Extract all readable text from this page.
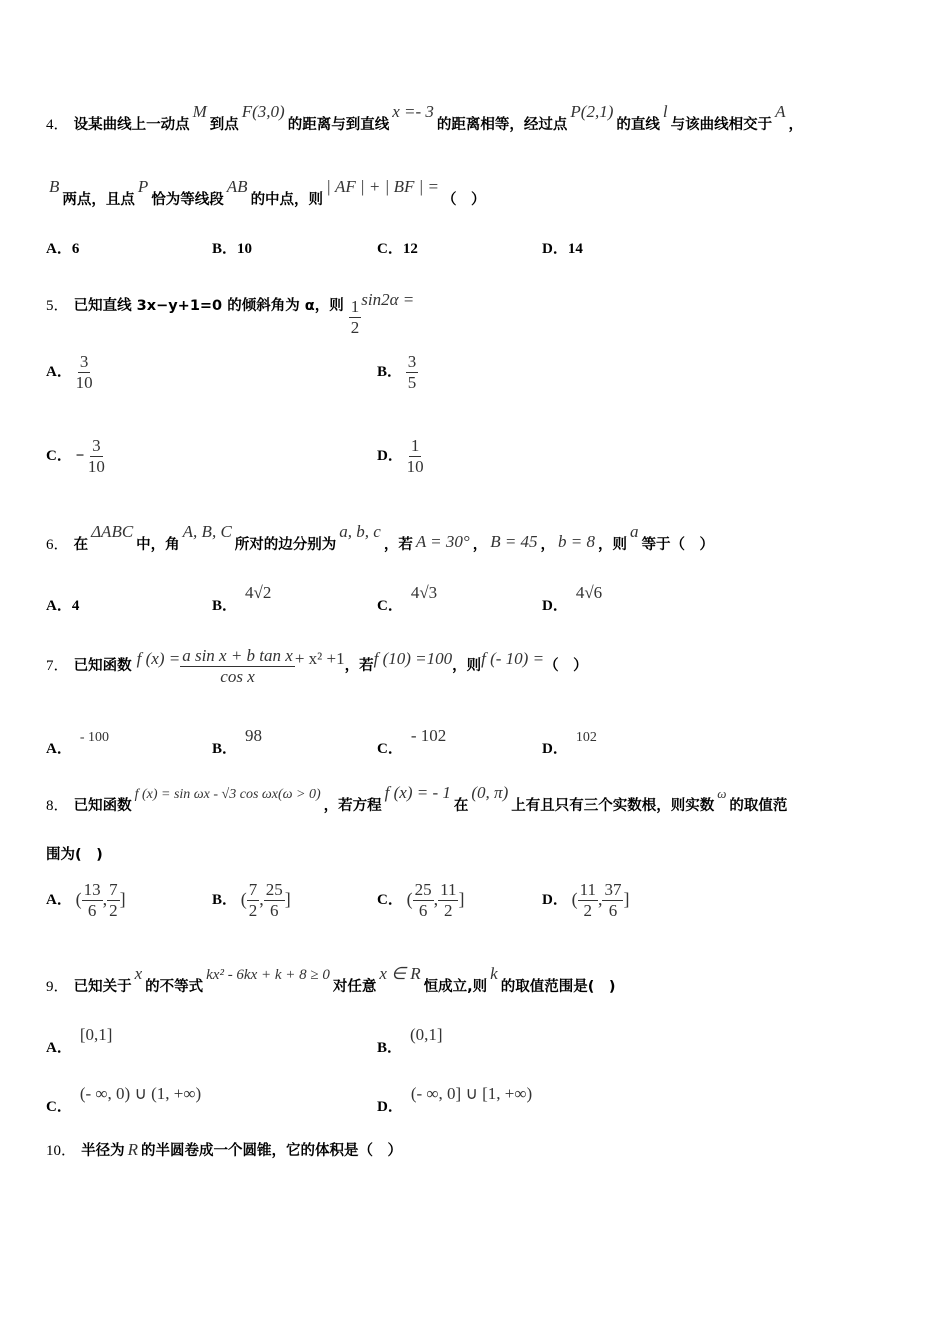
4． 设某曲线上一动点M到点F(3,0)的距离与到直线x =- 3的距离相等，经过点P(2,1)的直线l与该曲线相交于A，
B两点，且点P恰为等线段AB的中点，则| AF | + | BF | =（　）
A．6	B．10	C．12	D．14
5． 已知直线 3x−y+1=0 的倾斜角为 α，则 $\frac{1}{2} \sin 2\alpha$ =
A． $\frac{3}{10}$	B． $\frac{3}{5}$
C． − $\frac{3}{10}$	D． $\frac{1}{10}$
6． 在ΔABC中，角A, B, C所对的边分别为a, b, c，若 A = 30° ， B = 45 ， b = 8 ，则a等于（　）
A．4	B．4√2
C．4√3
D．4√6
7． 已知函数 f $(x) = \frac{\text{a sin x + b tan x}}{\text{cos x}} + x^2 +1$，若f (10) =100，则f (- 10) =（　）
A．- 100
B．98
C．- 102
D．102
8． 已知函数f (x) = sin ωx - √3 cos ωx(ω > 0)，若方程f (x) = - 1在(0, π)上有且只有三个实数根，则实数ω的取值范
围为(　)
A． ( $\frac{13}{6}$ , $\frac{7}{2}$ ]	B． ( $\frac{7}{2}$ , $\frac{25}{6}$ ]	C． ( $\frac{25}{6}$ , $\frac{11}{2}$ ]	D． ( $\frac{11}{2}$ , $\frac{37}{6}$ ]
9． 已知关于x的不等式kx² - 6kx + k + 8 ≥ 0对任意x ∈ R恒成立,则k的取值范围是(　)
A．[0,1]
B．(0,1]
C．(- ∞, 0) ∪ (1, +∞)
D．(- ∞, 0] ∪ [1, +∞)
10． 半径为 R 的半圆卷成一个圆锥，它的体积是（　）
